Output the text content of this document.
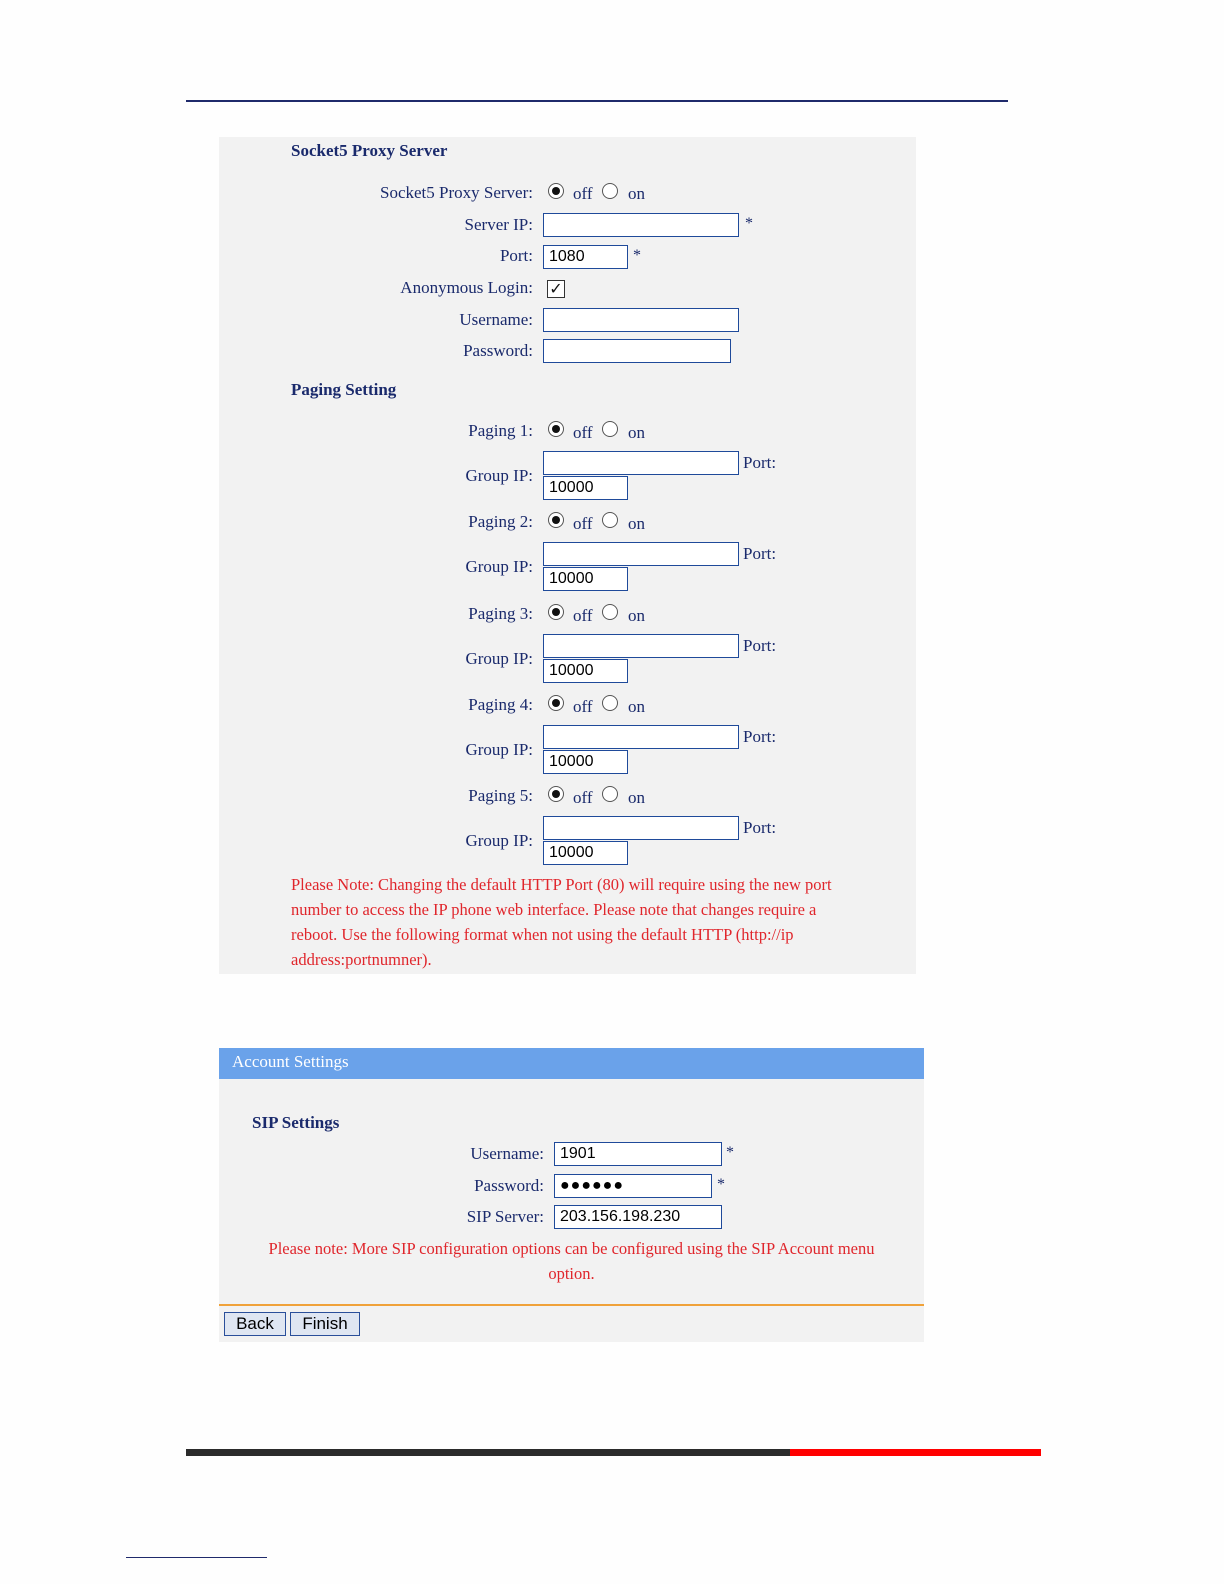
Socket5 Proxy Server
Socket5 Proxy Server: off on
Server IP:	*
Port:	1080	*
Anonymous Login: ✓
Username:
Password:
Paging Setting
Paging 1: off on
Group IP:
Port:
10000
Paging 2: off on
Group IP:
Port:
10000
Paging 3: off on
Group IP:
Port:
10000
Paging 4: off on
Group IP:
Port:
10000
Paging 5: off on
Group IP:
Port:
10000
Please Note: Changing the default HTTP Port (80) will require using the new port
number to access the IP phone web interface. Please note that changes require a
reboot. Use the following format when not using the default HTTP (http://ip
address:portnumner).
Account Settings
SIP Settings
Username:	1901	*
Password:	●●●●●●	*
SIP Server:	203.156.198.230
Please note: More SIP configuration options can be configured using the SIP Account menu
option.
Back	Finish
